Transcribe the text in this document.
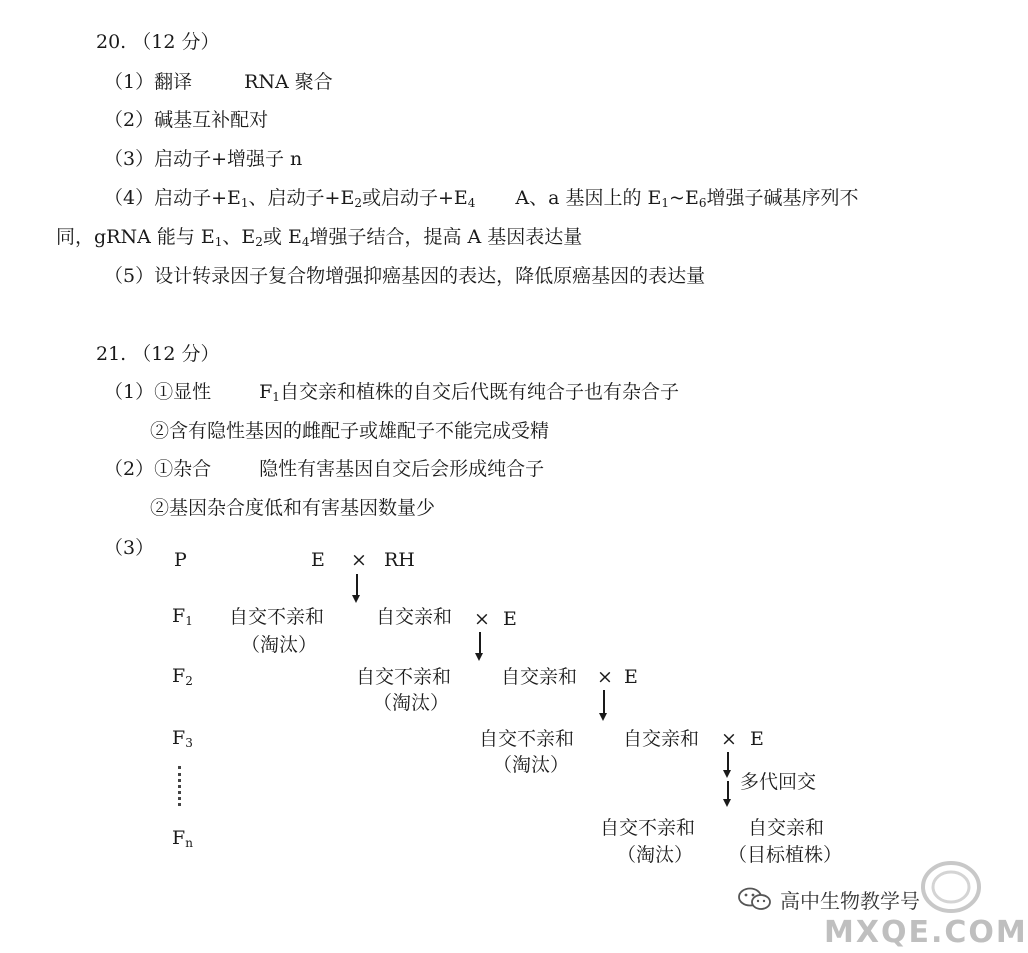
20. （12 分）
（1）翻译	RNA 聚合
（2）碱基互补配对
（3）启动子+增强子 n
（4）启动子$+E_1$、启动子$+E_2$或启动子$+E_4$ A、a 基因上的 $E_1\sim E_6$增强子碱基序列不
同，gRNA 能与 $E_1$、$E_2$或 $E_4$增强子结合，提高 A 基因表达量
（5）设计转录因子复合物增强抑癌基因的表达，降低原癌基因的表达量
21. （12 分）
（1）①显性	$F_1$自交亲和植株的自交后代既有纯合子也有杂合子
②含有隐性基因的雌配子或雄配子不能完成受精
（2）①杂合	隐性有害基因自交后会形成纯合子
②基因杂合度低和有害基因数量少
（3）
P
$F_1$
$F_2$
$F_3$
$F_n$
E × RH
自交不亲和
（淘汰）
自交亲和 × E
自交不亲和
（淘汰）
自交亲和 × E
自交不亲和
（淘汰）
自交亲和 × E
多代回交
自交不亲和
（淘汰）
自交亲和
（目标植株）
高中生物教学号
MXQE.COM
